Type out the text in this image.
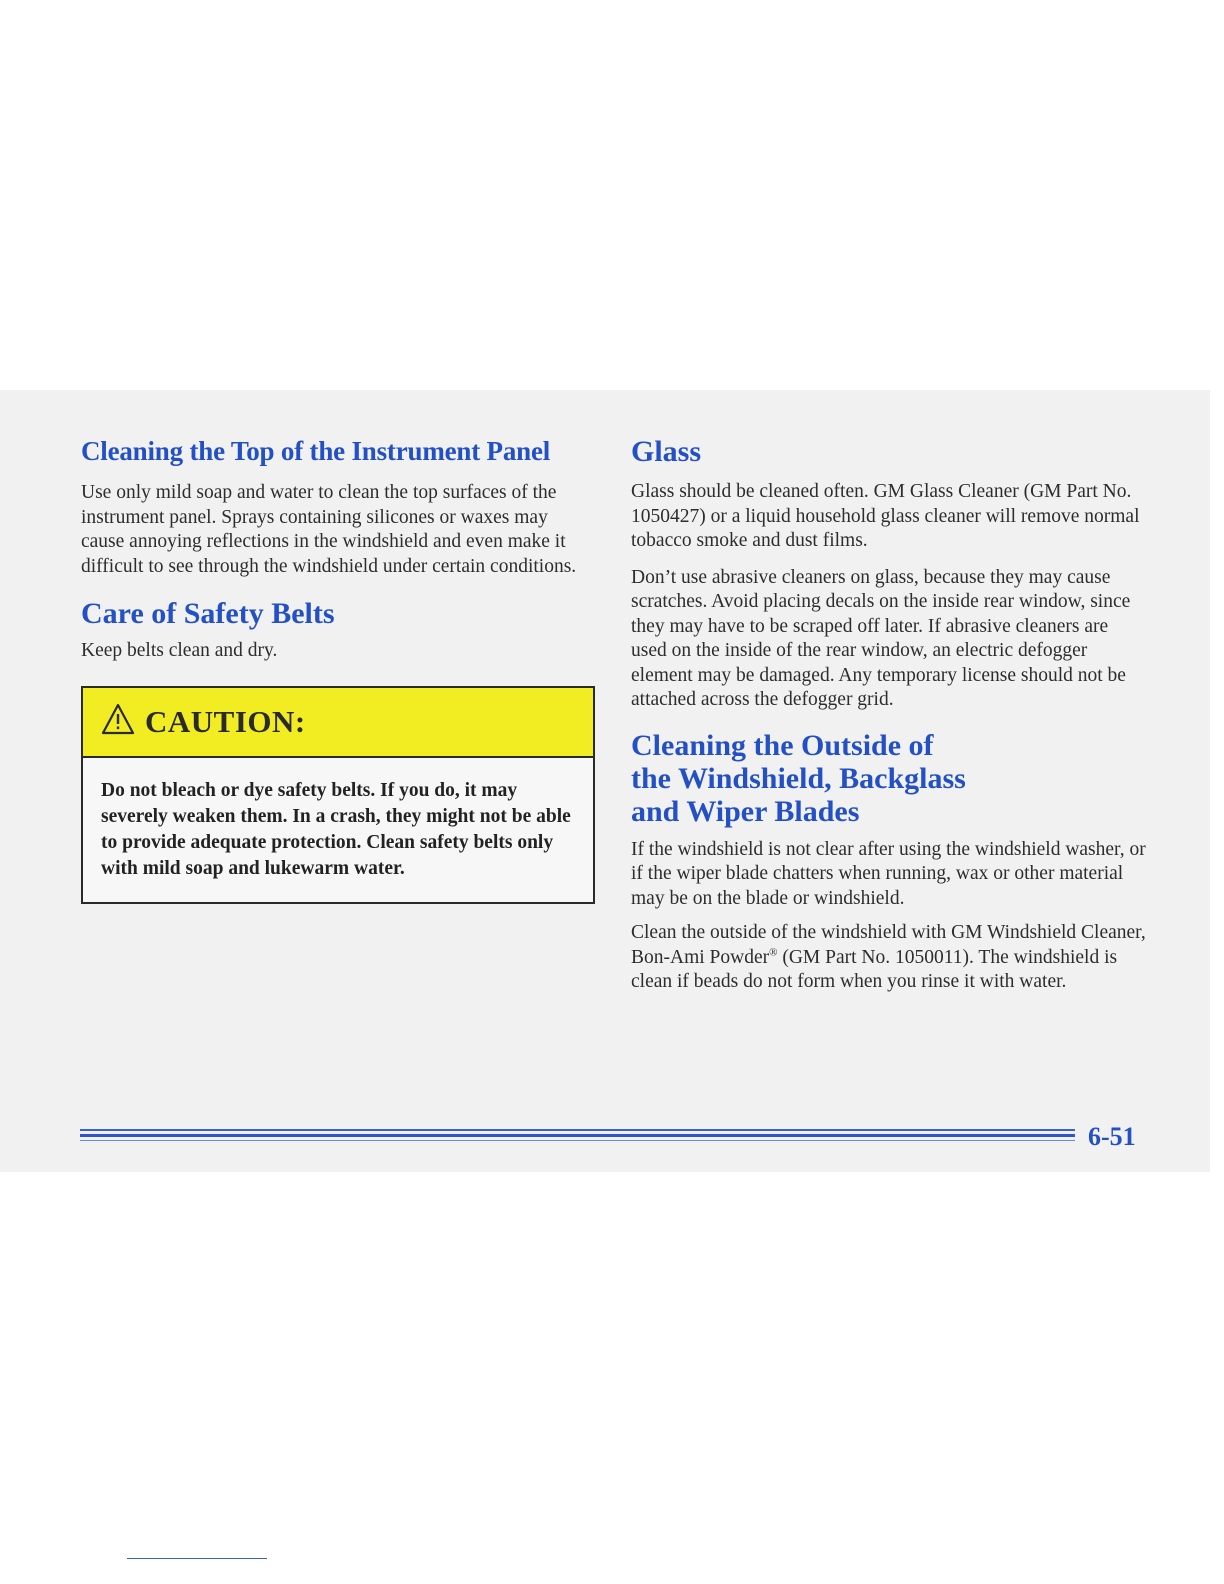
Cleaning the Top of the Instrument Panel

Use only mild soap and water to clean the top surfaces of the instrument panel. Sprays containing silicones or waxes may cause annoying reflections in the windshield and even make it difficult to see through the windshield under certain conditions.

Care of Safety Belts

Keep belts clean and dry.

CAUTION:
Do not bleach or dye safety belts. If you do, it may severely weaken them. In a crash, they might not be able to provide adequate protection. Clean safety belts only with mild soap and lukewarm water.
Glass

Glass should be cleaned often. GM Glass Cleaner (GM Part No. 1050427) or a liquid household glass cleaner will remove normal tobacco smoke and dust films.

Don’t use abrasive cleaners on glass, because they may cause scratches. Avoid placing decals on the inside rear window, since they may have to be scraped off later. If abrasive cleaners are used on the inside of the rear window, an electric defogger element may be damaged. Any temporary license should not be attached across the defogger grid.

Cleaning the Outside of
the Windshield, Backglass
and Wiper Blades

If the windshield is not clear after using the windshield washer, or if the wiper blade chatters when running, wax or other material may be on the blade or windshield.

Clean the outside of the windshield with GM Windshield Cleaner, Bon-Ami Powder® (GM Part No. 1050011). The windshield is clean if beads do not form when you rinse it with water.

6-51
